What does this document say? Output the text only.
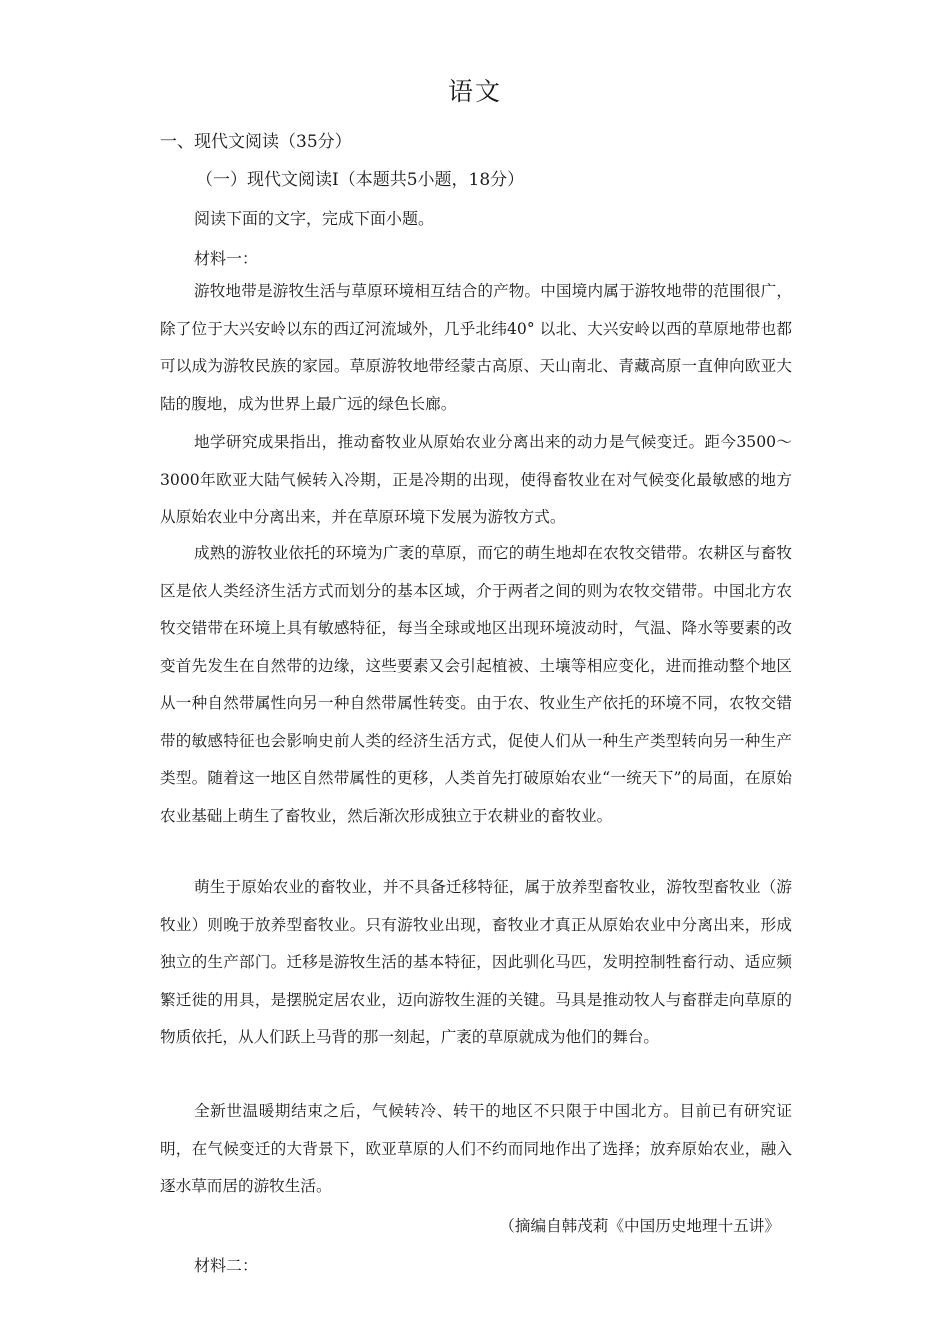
语文
一、现代文阅读（35分）
（一）现代文阅读Ⅰ（本题共5小题，18分）
阅读下面的文字，完成下面小题。
材料一：

游牧地带是游牧生活与草原环境相互结合的产物。中国境内属于游牧地带的范围很广，除了位于大兴安岭以东的西辽河流域外，几乎北纬40° 以北、大兴安岭以西的草原地带也都可以成为游牧民族的家园。草原游牧地带经蒙古高原、天山南北、青藏高原一直伸向欧亚大陆的腹地，成为世界上最广远的绿色长廊。

地学研究成果指出，推动畜牧业从原始农业分离出来的动力是气候变迁。距今3500～3000年欧亚大陆气候转入冷期，正是冷期的出现，使得畜牧业在对气候变化最敏感的地方从原始农业中分离出来，并在草原环境下发展为游牧方式。

成熟的游牧业依托的环境为广袤的草原，而它的萌生地却在农牧交错带。农耕区与畜牧区是依人类经济生活方式而划分的基本区域，介于两者之间的则为农牧交错带。中国北方农牧交错带在环境上具有敏感特征，每当全球或地区出现环境波动时，气温、降水等要素的改变首先发生在自然带的边缘，这些要素又会引起植被、土壤等相应变化，进而推动整个地区从一种自然带属性向另一种自然带属性转变。由于农、牧业生产依托的环境不同，农牧交错带的敏感特征也会影响史前人类的经济生活方式，促使人们从一种生产类型转向另一种生产类型。随着这一地区自然带属性的更移，人类首先打破原始农业“一统天下”的局面，在原始农业基础上萌生了畜牧业，然后渐次形成独立于农耕业的畜牧业。

萌生于原始农业的畜牧业，并不具备迁移特征，属于放养型畜牧业，游牧型畜牧业（游牧业）则晚于放养型畜牧业。只有游牧业出现，畜牧业才真正从原始农业中分离出来，形成独立的生产部门。迁移是游牧生活的基本特征，因此驯化马匹，发明控制牲畜行动、适应频繁迁徙的用具，是摆脱定居农业，迈向游牧生涯的关键。马具是推动牧人与畜群走向草原的物质依托，从人们跃上马背的那一刻起，广袤的草原就成为他们的舞台。

全新世温暖期结束之后，气候转冷、转干的地区不只限于中国北方。目前已有研究证明，在气候变迁的大背景下，欧亚草原的人们不约而同地作出了选择；放弃原始农业，融入逐水草而居的游牧生活。

（摘编自韩茂莉《中国历史地理十五讲》
材料二：
